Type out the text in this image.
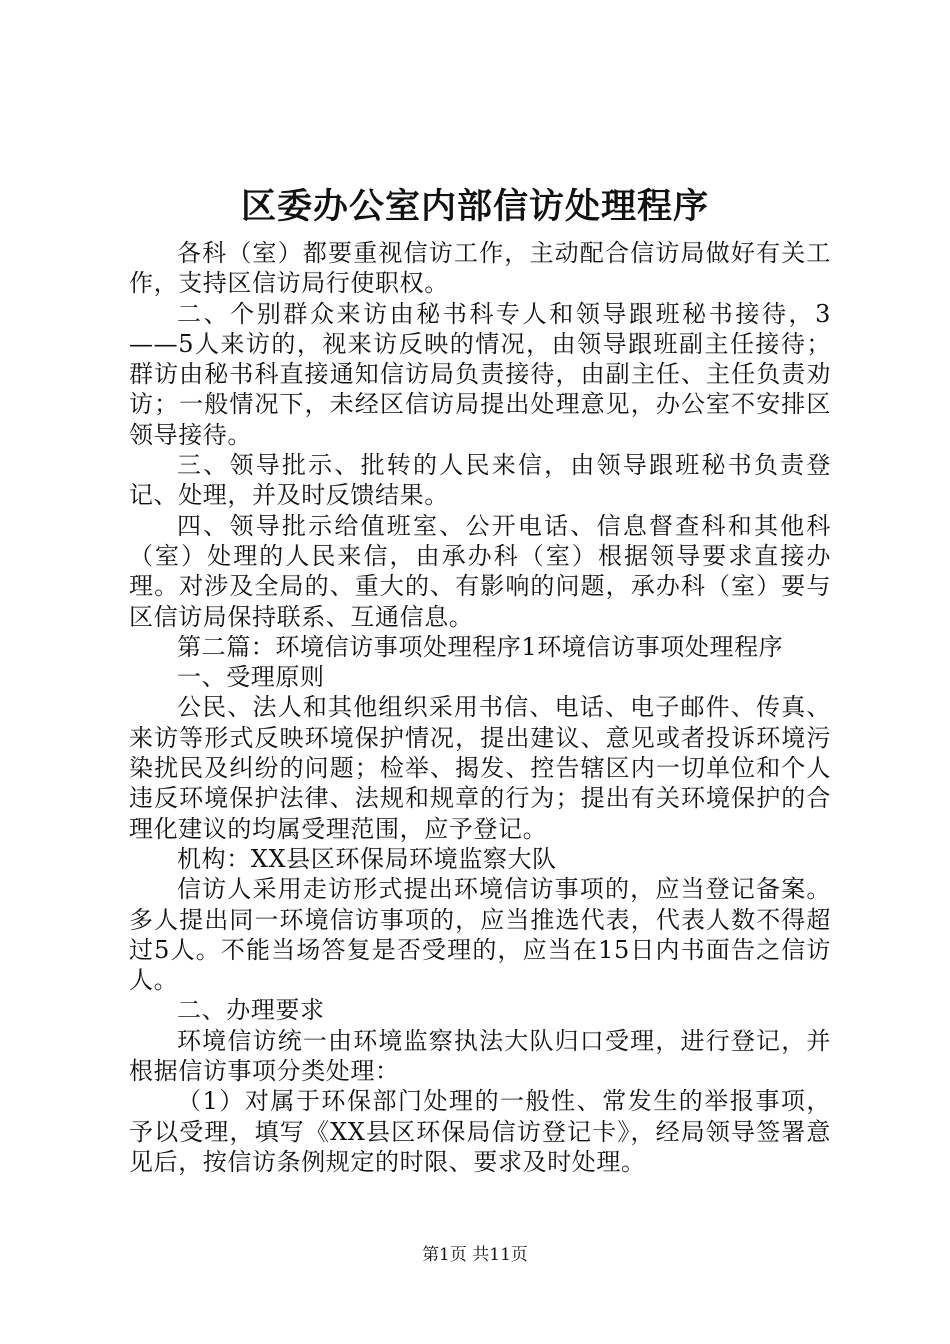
区委办公室内部信访处理程序

各科（室）都要重视信访工作，主动配合信访局做好有关工作，支持区信访局行使职权。

二、个别群众来访由秘书科专人和领导跟班秘书接待，3——5人来访的，视来访反映的情况，由领导跟班副主任接待；群访由秘书科直接通知信访局负责接待，由副主任、主任负责劝访；一般情况下，未经区信访局提出处理意见，办公室不安排区领导接待。

三、领导批示、批转的人民来信，由领导跟班秘书负责登记、处理，并及时反馈结果。

四、领导批示给值班室、公开电话、信息督查科和其他科（室）处理的人民来信，由承办科（室）根据领导要求直接办理。对涉及全局的、重大的、有影响的问题，承办科（室）要与区信访局保持联系、互通信息。

第二篇：环境信访事项处理程序1环境信访事项处理程序

一、受理原则

公民、法人和其他组织采用书信、电话、电子邮件、传真、来访等形式反映环境保护情况，提出建议、意见或者投诉环境污染扰民及纠纷的问题；检举、揭发、控告辖区内一切单位和个人违反环境保护法律、法规和规章的行为；提出有关环境保护的合理化建议的均属受理范围，应予登记。

机构：XX县区环保局环境监察大队

信访人采用走访形式提出环境信访事项的，应当登记备案。多人提出同一环境信访事项的，应当推选代表，代表人数不得超过5人。不能当场答复是否受理的，应当在15日内书面告之信访人。

二、办理要求

环境信访统一由环境监察执法大队归口受理，进行登记，并根据信访事项分类处理：

（1）对属于环保部门处理的一般性、常发生的举报事项，予以受理，填写《XX县区环保局信访登记卡》，经局领导签署意见后，按信访条例规定的时限、要求及时处理。

第1页 共11页
